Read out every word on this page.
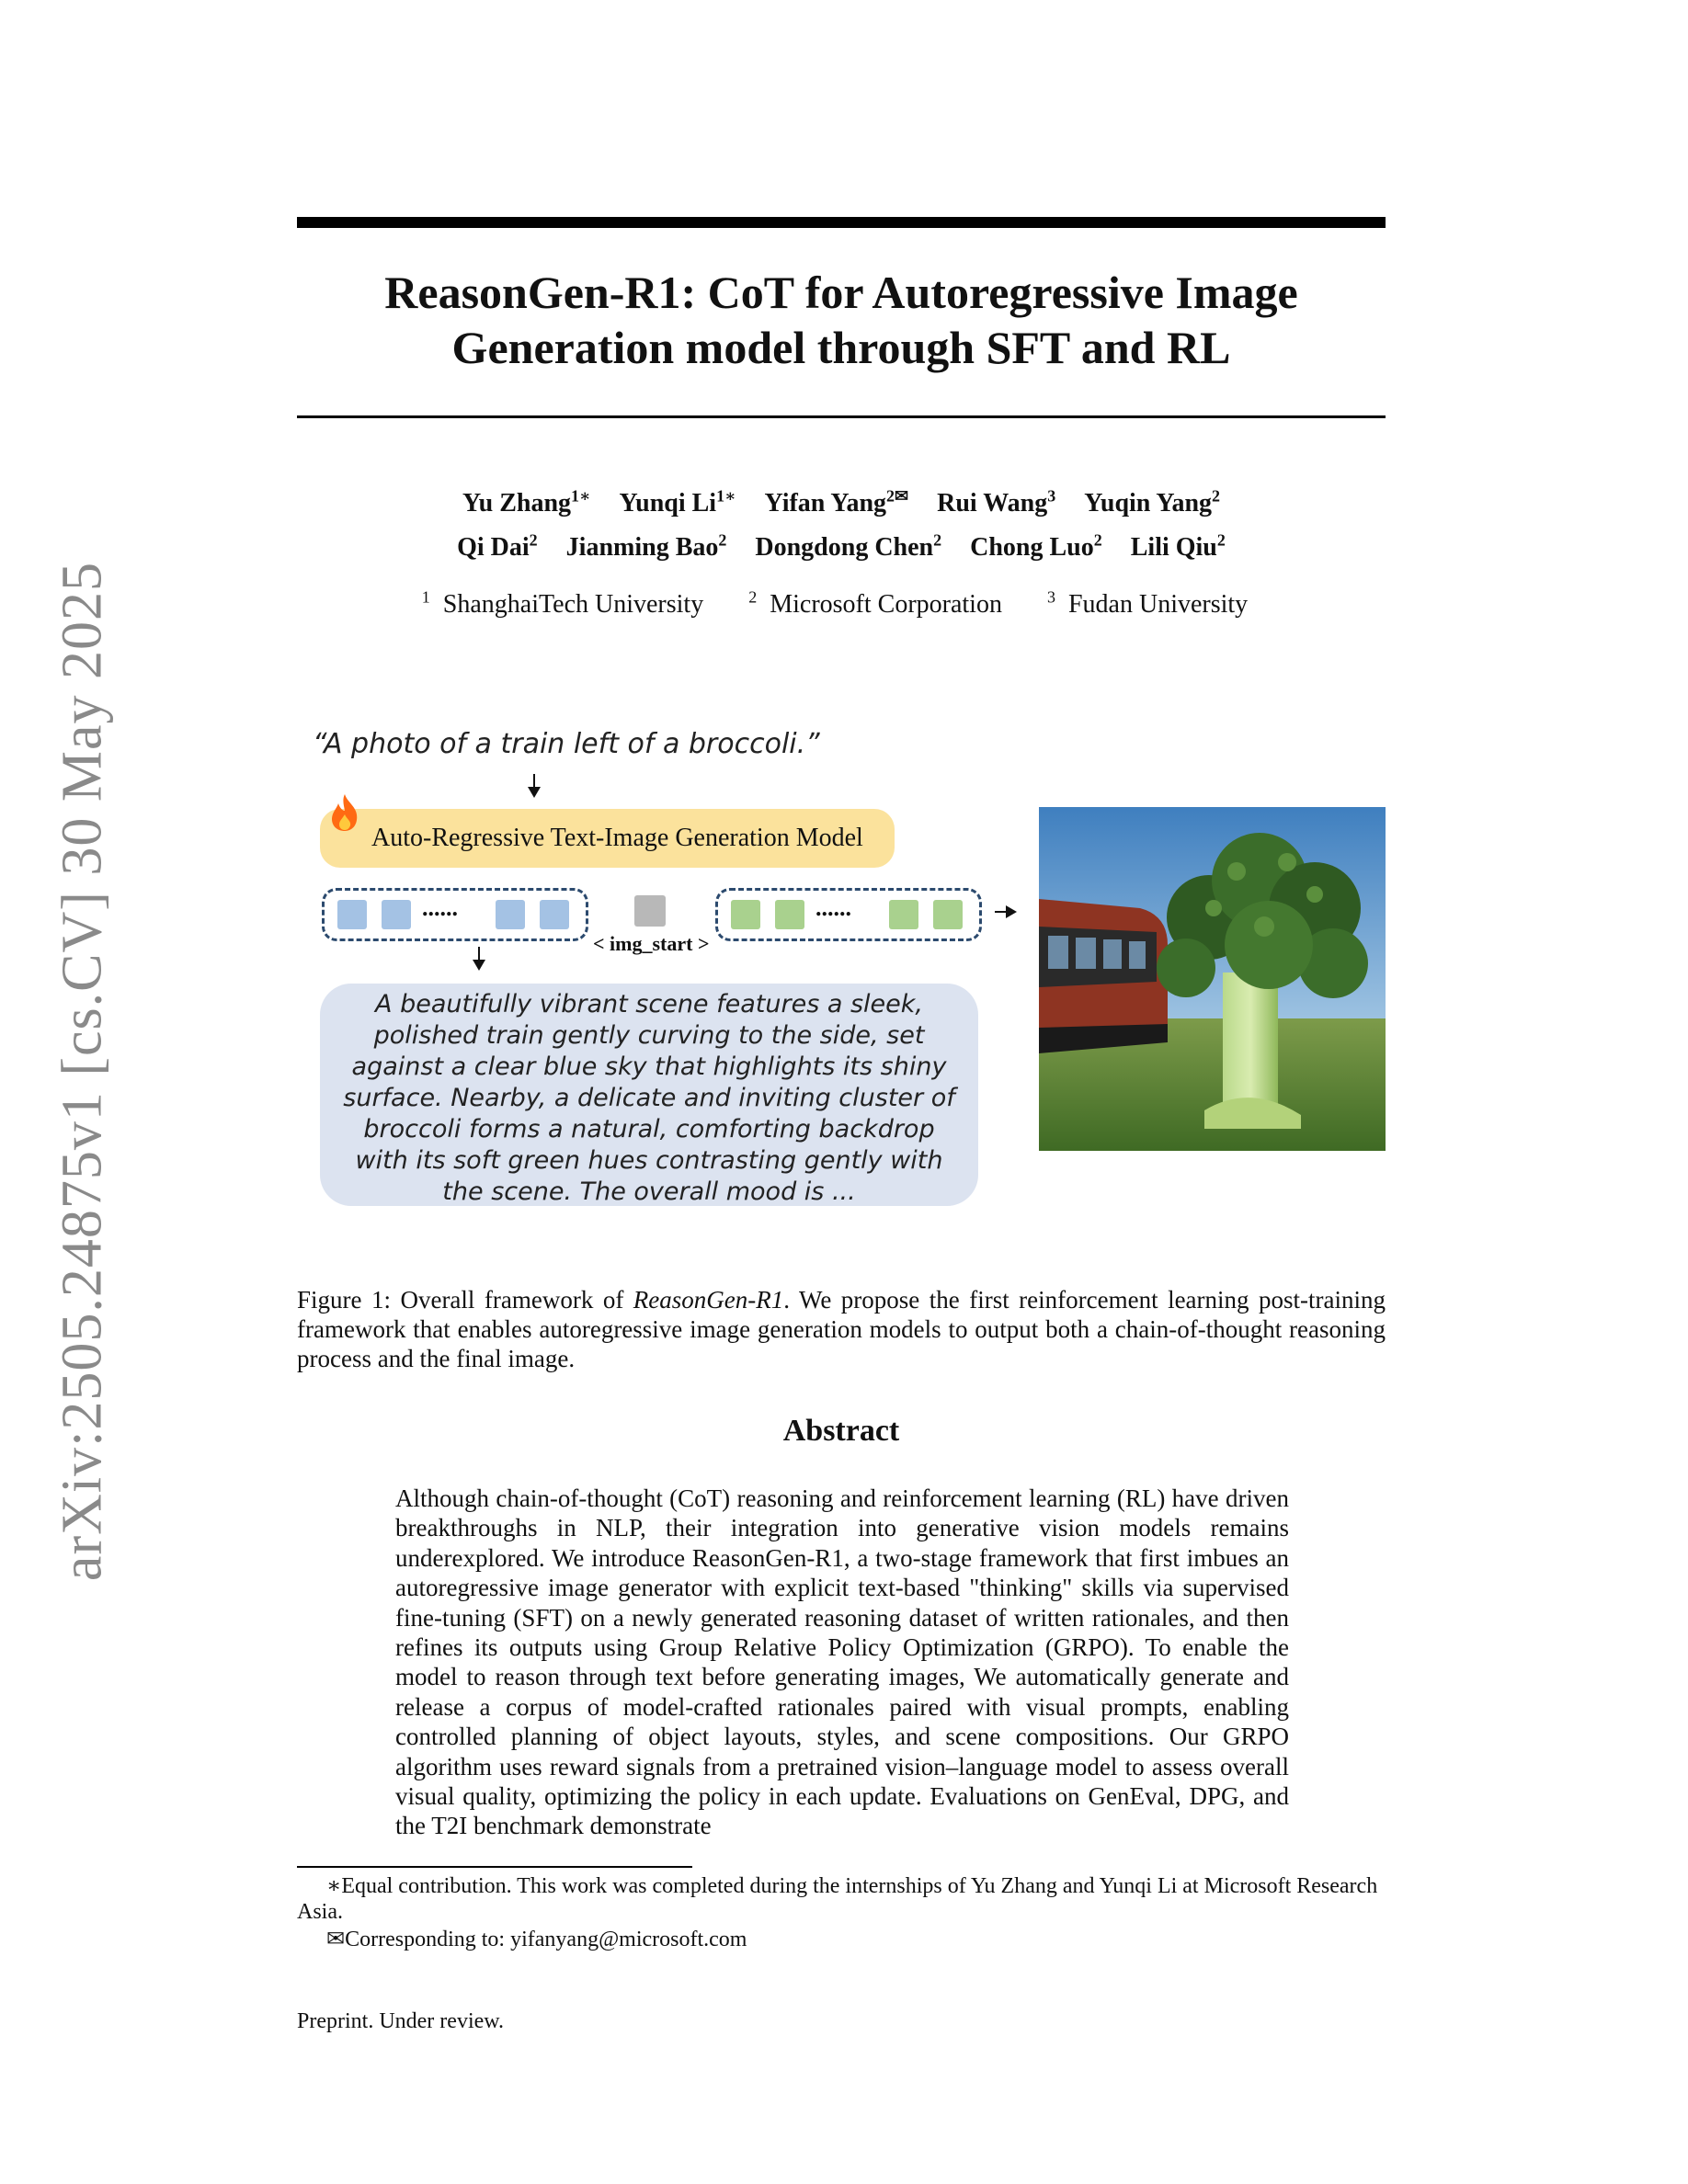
arXiv:2505.24875v1 [cs.CV] 30 May 2025
ReasonGen-R1: CoT for Autoregressive Image
Generation model through SFT and RL
Yu Zhang$^{1∗}$ Yunqi $Li^{1∗}$ Yifan Yang$^{2✉}$ Rui Wang$^3$ Yuqin Yang$^2$
Qi Dai$^2$ Jianming Bao$^2$ Dongdong Chen$^2$ Chong Luo$^2$ Lili Qiu$^2$
$^1$ ShanghaiTech University	$^2$ Microsoft Corporation	$^3$ Fudan University
“A photo of a train left of a broccoli.”
Auto-Regressive Text-Image Generation Model
......
< img_start >
......
A beautifully vibrant scene features a sleek, polished train gently curving to the side, set against a clear blue sky that highlights its shiny surface. Nearby, a delicate and inviting cluster of broccoli forms a natural, comforting backdrop with its soft green hues contrasting gently with the scene. The overall mood is ...
Figure 1: Overall framework of ReasonGen-R1. We propose the first reinforcement learning post-training framework that enables autoregressive image generation models to output both a chain-of-thought reasoning process and the final image.
Abstract
Although chain-of-thought (CoT) reasoning and reinforcement learning (RL) have driven breakthroughs in NLP, their integration into generative vision models remains underexplored. We introduce ReasonGen-R1, a two-stage framework that first imbues an autoregressive image generator with explicit text-based "thinking" skills via supervised fine-tuning (SFT) on a newly generated reasoning dataset of written rationales, and then refines its outputs using Group Relative Policy Optimization (GRPO). To enable the model to reason through text before generating images, We automatically generate and release a corpus of model-crafted rationales paired with visual prompts, enabling controlled planning of object layouts, styles, and scene compositions. Our GRPO algorithm uses reward signals from a pretrained vision–language model to assess overall visual quality, optimizing the policy in each update. Evaluations on GenEval, DPG, and the T2I benchmark demonstrate
∗Equal contribution. This work was completed during the internships of Yu Zhang and Yunqi Li at Microsoft Research Asia.
✉Corresponding to: yifanyang@microsoft.com
Preprint. Under review.
